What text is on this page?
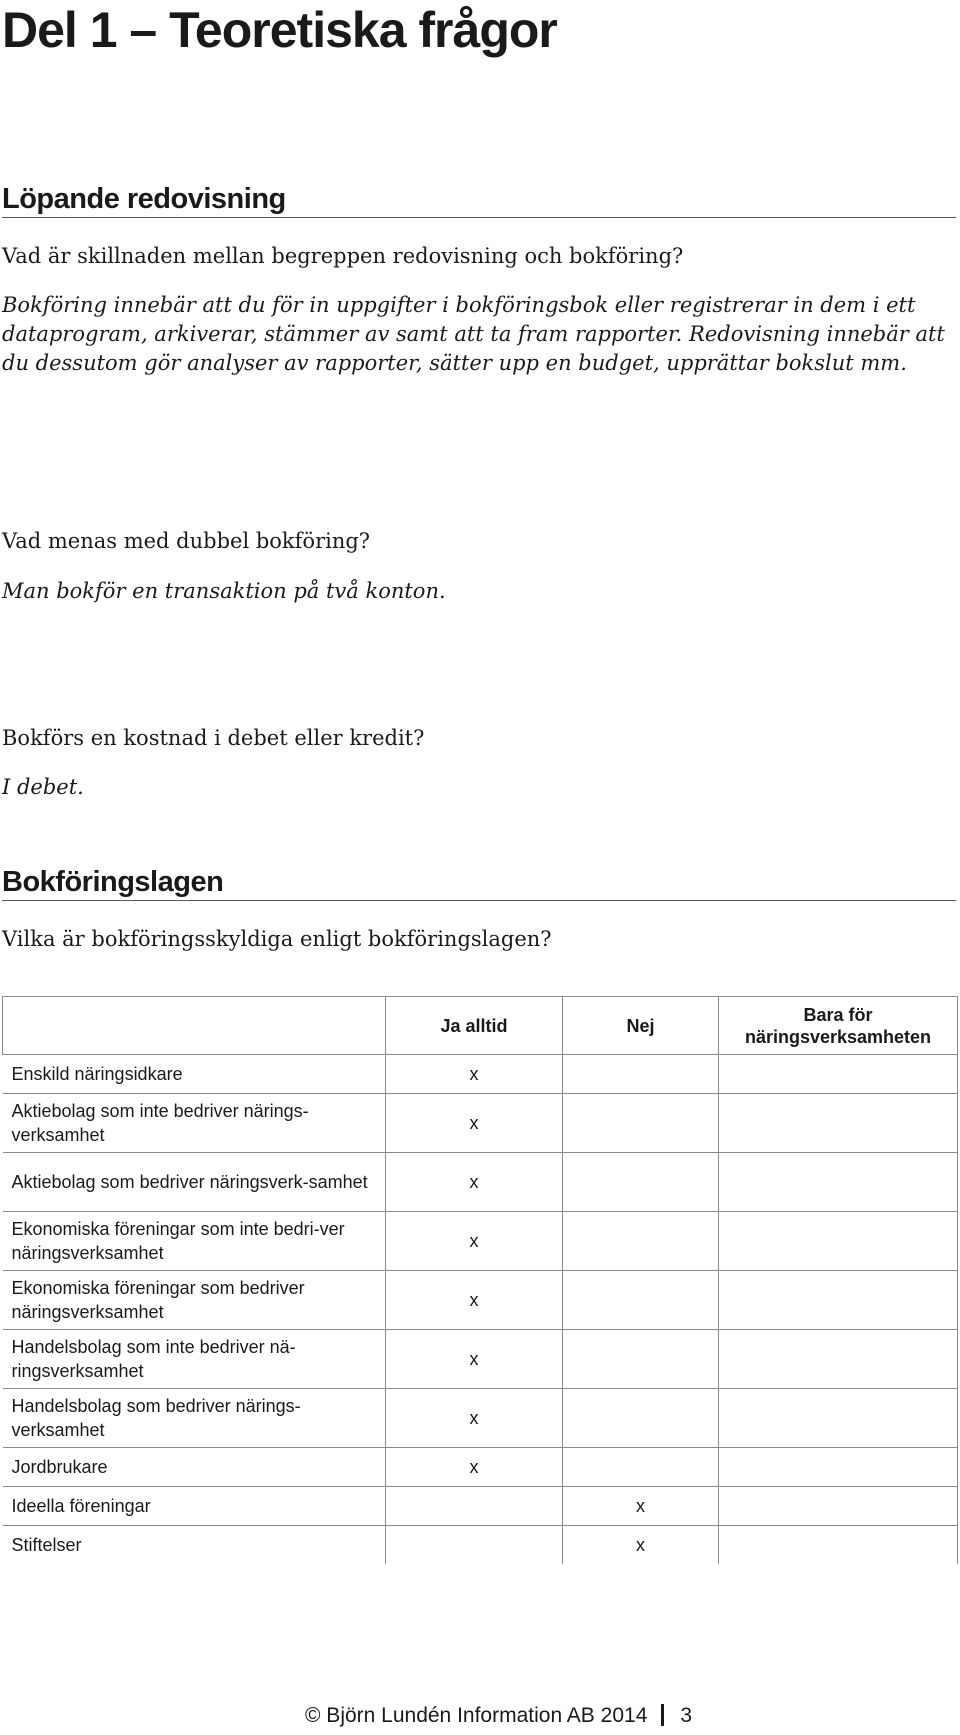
Del 1 – Teoretiska frågor
Löpande redovisning

Vad är skillnaden mellan begreppen redovisning och bokföring?

Bokföring innebär att du för in uppgifter i bokföringsbok eller registrerar in dem i ett dataprogram, arkiverar, stämmer av samt att ta fram rapporter. Redovisning innebär att du dessutom gör analyser av rapporter, sätter upp en budget, upprättar bokslut mm.

Vad menas med dubbel bokföring?

Man bokför en transaktion på två konton.

Bokförs en kostnad i debet eller kredit?

I debet.

Bokföringslagen

Vilka är bokföringsskyldiga enligt bokföringslagen?

	Ja alltid	Nej	Bara för näringsverksamheten
Enskild näringsidkare	x		
Aktiebolag som inte bedriver närings-verksamhet	x		
Aktiebolag som bedriver näringsverk-samhet	x		
Ekonomiska föreningar som inte bedri-ver näringsverksamhet	x		
Ekonomiska föreningar som bedriver näringsverksamhet	x		
Handelsbolag som inte bedriver nä-ringsverksamhet	x		
Handelsbolag som bedriver närings-verksamhet	x		
Jordbrukare	x		
Ideella föreningar		x	
Stiftelser		x	
© Björn Lundén Information AB 2014 3
